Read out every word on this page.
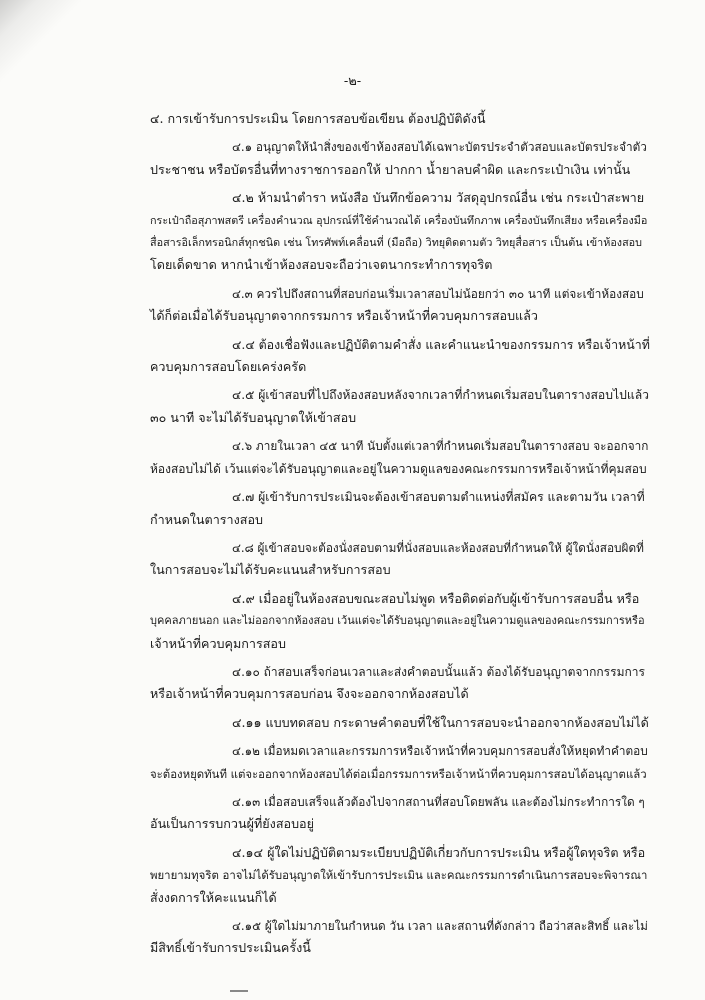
-๒-
๔. การเข้ารับการประเมิน โดยการสอบข้อเขียน ต้องปฏิบัติดังนี้
๔.๑ อนุญาตให้นำสิ่งของเข้าห้องสอบได้เฉพาะบัตรประจำตัวสอบและบัตรประจำตัว
ประชาชน หรือบัตรอื่นที่ทางราชการออกให้ ปากกา น้ำยาลบคำผิด และกระเป๋าเงิน เท่านั้น
๔.๒ ห้ามนำตำรา หนังสือ บันทึกข้อความ วัสดุอุปกรณ์อื่น เช่น กระเป๋าสะพาย
กระเป๋าถือสุภาพสตรี เครื่องคำนวณ อุปกรณ์ที่ใช้คำนวณได้ เครื่องบันทึกภาพ เครื่องบันทึกเสียง หรือเครื่องมือ
สื่อสารอิเล็กทรอนิกส์ทุกชนิด เช่น โทรศัพท์เคลื่อนที่ (มือถือ) วิทยุติดตามตัว วิทยุสื่อสาร เป็นต้น เข้าห้องสอบ
โดยเด็ดขาด หากนำเข้าห้องสอบจะถือว่าเจตนากระทำการทุจริต
๔.๓ ควรไปถึงสถานที่สอบก่อนเริ่มเวลาสอบไม่น้อยกว่า ๓๐ นาที แต่จะเข้าห้องสอบ
ได้ก็ต่อเมื่อได้รับอนุญาตจากกรรมการ หรือเจ้าหน้าที่ควบคุมการสอบแล้ว
๔.๔ ต้องเชื่อฟังและปฏิบัติตามคำสั่ง และคำแนะนำของกรรมการ หรือเจ้าหน้าที่
ควบคุมการสอบโดยเคร่งครัด
๔.๕ ผู้เข้าสอบที่ไปถึงห้องสอบหลังจากเวลาที่กำหนดเริ่มสอบในตารางสอบไปแล้ว
๓๐ นาที จะไม่ได้รับอนุญาตให้เข้าสอบ
๔.๖ ภายในเวลา ๔๕ นาที นับตั้งแต่เวลาที่กำหนดเริ่มสอบในตารางสอบ จะออกจาก
ห้องสอบไม่ได้ เว้นแต่จะได้รับอนุญาตและอยู่ในความดูแลของคณะกรรมการหรือเจ้าหน้าที่คุมสอบ
๔.๗ ผู้เข้ารับการประเมินจะต้องเข้าสอบตามตำแหน่งที่สมัคร และตามวัน เวลาที่
กำหนดในตารางสอบ
๔.๘ ผู้เข้าสอบจะต้องนั่งสอบตามที่นั่งสอบและห้องสอบที่กำหนดให้ ผู้ใดนั่งสอบผิดที่
ในการสอบจะไม่ได้รับคะแนนสำหรับการสอบ
๔.๙ เมื่ออยู่ในห้องสอบขณะสอบไม่พูด หรือติดต่อกับผู้เข้ารับการสอบอื่น หรือ
บุคคลภายนอก และไม่ออกจากห้องสอบ เว้นแต่จะได้รับอนุญาตและอยู่ในความดูแลของคณะกรรมการหรือ
เจ้าหน้าที่ควบคุมการสอบ
๔.๑๐ ถ้าสอบเสร็จก่อนเวลาและส่งคำตอบนั้นแล้ว ต้องได้รับอนุญาตจากกรรมการ
หรือเจ้าหน้าที่ควบคุมการสอบก่อน จึงจะออกจากห้องสอบได้
๔.๑๑ แบบทดสอบ กระดาษคำตอบที่ใช้ในการสอบจะนำออกจากห้องสอบไม่ได้
๔.๑๒ เมื่อหมดเวลาและกรรมการหรือเจ้าหน้าที่ควบคุมการสอบสั่งให้หยุดทำคำตอบ
จะต้องหยุดทันที แต่จะออกจากห้องสอบได้ต่อเมื่อกรรมการหรือเจ้าหน้าที่ควบคุมการสอบได้อนุญาตแล้ว
๔.๑๓ เมื่อสอบเสร็จแล้วต้องไปจากสถานที่สอบโดยพลัน และต้องไม่กระทำการใด ๆ
อันเป็นการรบกวนผู้ที่ยังสอบอยู่
๔.๑๔ ผู้ใดไม่ปฏิบัติตามระเบียบปฏิบัติเกี่ยวกับการประเมิน หรือผู้ใดทุจริต หรือ
พยายามทุจริต อาจไม่ได้รับอนุญาตให้เข้ารับการประเมิน และคณะกรรมการดำเนินการสอบจะพิจารณา
สั่งงดการให้คะแนนก็ได้
๔.๑๕ ผู้ใดไม่มาภายในกำหนด วัน เวลา และสถานที่ดังกล่าว ถือว่าสละสิทธิ์ และไม่
มีสิทธิ์เข้ารับการประเมินครั้งนี้
